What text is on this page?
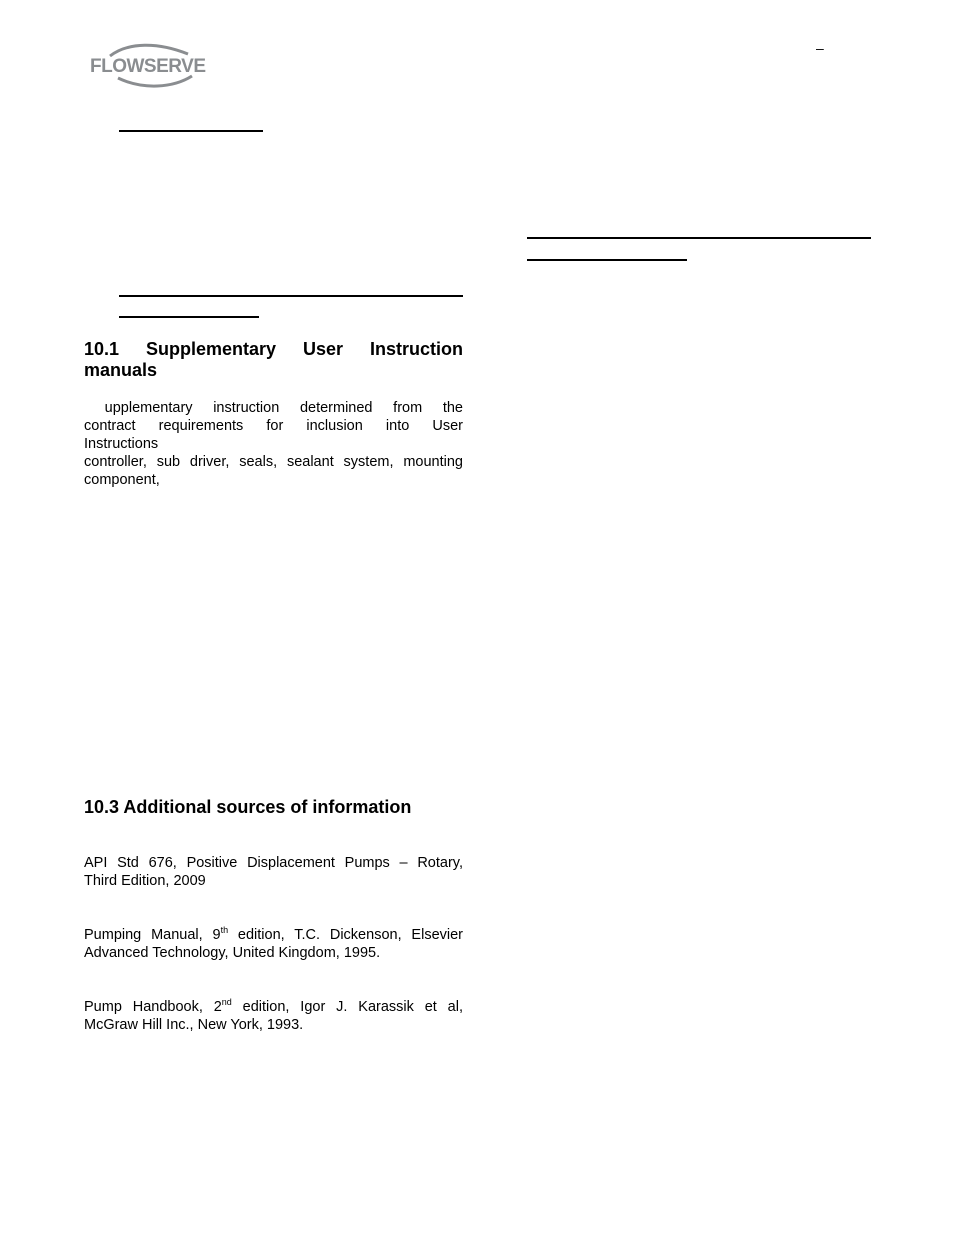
FLOWSERVE
–
10.1 Supplementary User Instruction
manuals

upplementary instruction determined from the
contract requirements for inclusion into User
Instructions
controller, sub driver, seals, sealant system, mounting
component,

10.3 Additional sources of information

API Std 676, Positive Displacement Pumps – Rotary,
Third Edition, 2009

Pumping Manual, 9th edition, T.C. Dickenson, Elsevier
Advanced Technology, United Kingdom, 1995.

Pump Handbook, 2nd edition, Igor J. Karassik et al,
McGraw Hill Inc., New York, 1993.
